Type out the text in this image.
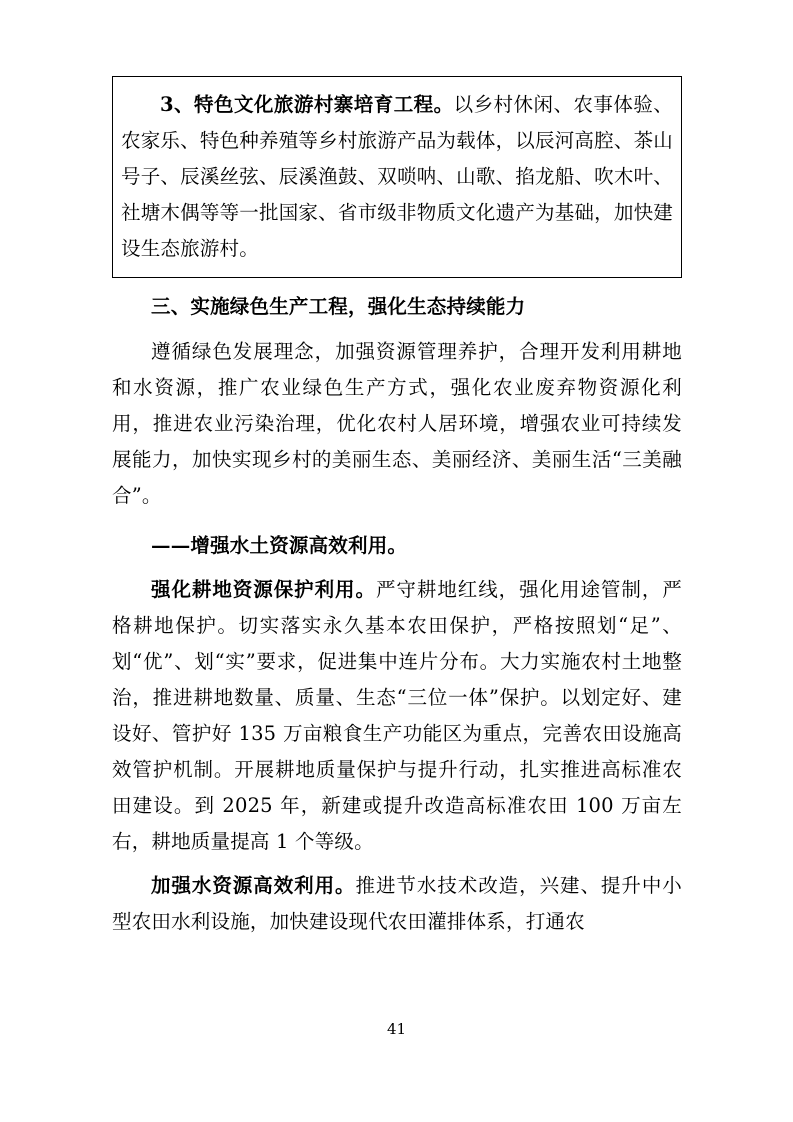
3、特色文化旅游村寨培育工程。以乡村休闲、农事体验、农家乐、特色种养殖等乡村旅游产品为载体，以辰河高腔、茶山号子、辰溪丝弦、辰溪渔鼓、双唢呐、山歌、掐龙船、吹木叶、社塘木偶等等一批国家、省市级非物质文化遗产为基础，加快建设生态旅游村。

三、实施绿色生产工程，强化生态持续能力

遵循绿色发展理念，加强资源管理养护，合理开发利用耕地和水资源，推广农业绿色生产方式，强化农业废弃物资源化利用，推进农业污染治理，优化农村人居环境，增强农业可持续发展能力，加快实现乡村的美丽生态、美丽经济、美丽生活“三美融合”。

——增强水土资源高效利用。

强化耕地资源保护利用。严守耕地红线，强化用途管制，严格耕地保护。切实落实永久基本农田保护，严格按照划“足”、划“优”、划“实”要求，促进集中连片分布。大力实施农村土地整治，推进耕地数量、质量、生态“三位一体”保护。以划定好、建设好、管护好 135 万亩粮食生产功能区为重点，完善农田设施高效管护机制。开展耕地质量保护与提升行动，扎实推进高标准农田建设。到 2025 年，新建或提升改造高标准农田 100 万亩左右，耕地质量提高 1 个等级。

加强水资源高效利用。推进节水技术改造，兴建、提升中小型农田水利设施，加快建设现代农田灌排体系，打通农

41
